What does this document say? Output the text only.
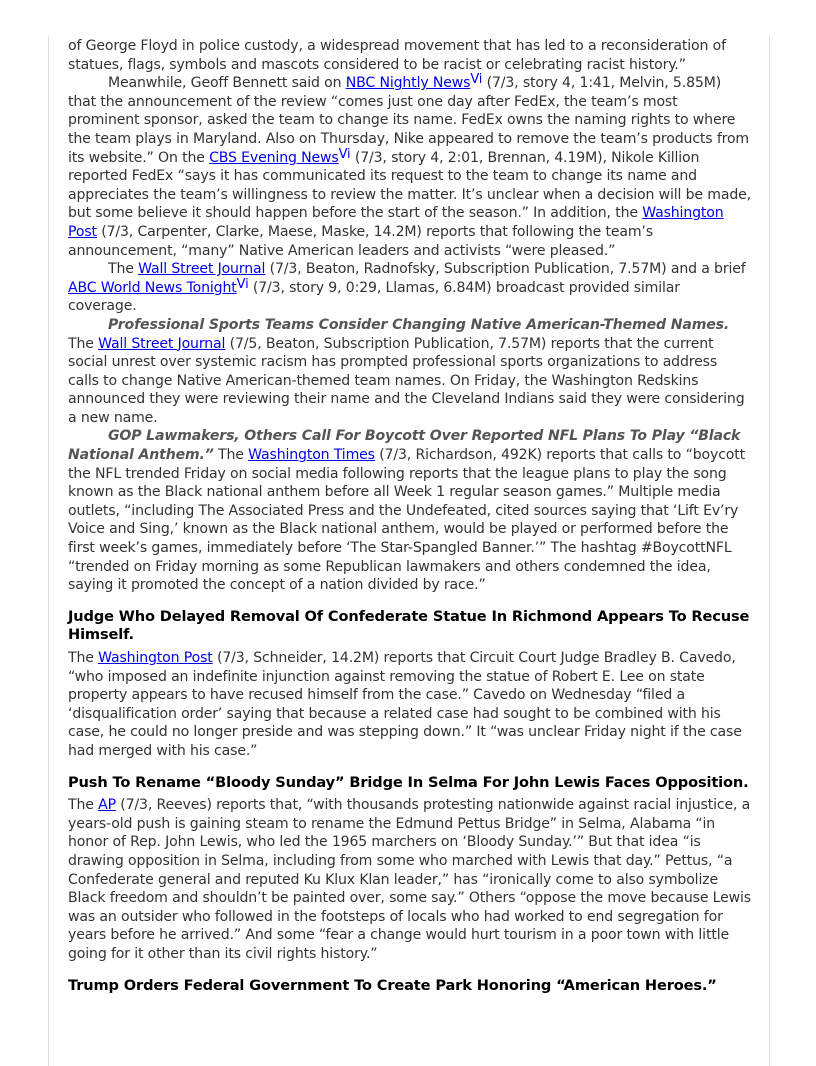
of George Floyd in police custody, a widespread movement that has led to a reconsideration of statues, flags, symbols and mascots considered to be racist or celebrating racist history.”

Meanwhile, Geoff Bennett said on NBC Nightly News$^{Vi}$ (7/3, story 4, 1:41, Melvin, 5.85M) that the announcement of the review “comes just one day after FedEx, the team’s most prominent sponsor, asked the team to change its name. FedEx owns the naming rights to where the team plays in Maryland. Also on Thursday, Nike appeared to remove the team’s products from its website.” On the CBS Evening News$^{Vi}$ (7/3, story 4, 2:01, Brennan, 4.19M), Nikole Killion reported FedEx “says it has communicated its request to the team to change its name and appreciates the team’s willingness to review the matter. It’s unclear when a decision will be made, but some believe it should happen before the start of the season.” In addition, the Washington Post (7/3, Carpenter, Clarke, Maese, Maske, 14.2M) reports that following the team’s announcement, “many” Native American leaders and activists “were pleased.”

The Wall Street Journal (7/3, Beaton, Radnofsky, Subscription Publication, 7.57M) and a brief ABC World News Tonight$^{Vi}$ (7/3, story 9, 0:29, Llamas, 6.84M) broadcast provided similar coverage.

Professional Sports Teams Consider Changing Native American-Themed Names. The Wall Street Journal (7/5, Beaton, Subscription Publication, 7.57M) reports that the current social unrest over systemic racism has prompted professional sports organizations to address calls to change Native American-themed team names. On Friday, the Washington Redskins announced they were reviewing their name and the Cleveland Indians said they were considering a new name.

GOP Lawmakers, Others Call For Boycott Over Reported NFL Plans To Play “Black National Anthem.” The Washington Times (7/3, Richardson, 492K) reports that calls to “boycott the NFL trended Friday on social media following reports that the league plans to play the song known as the Black national anthem before all Week 1 regular season games.” Multiple media outlets, “including The Associated Press and the Undefeated, cited sources saying that ‘Lift Ev’ry Voice and Sing,’ known as the Black national anthem, would be played or performed before the first week’s games, immediately before ‘The Star-Spangled Banner.’” The hashtag #BoycottNFL “trended on Friday morning as some Republican lawmakers and others condemned the idea, saying it promoted the concept of a nation divided by race.”

Judge Who Delayed Removal Of Confederate Statue In Richmond Appears To Recuse Himself.

The Washington Post (7/3, Schneider, 14.2M) reports that Circuit Court Judge Bradley B. Cavedo, “who imposed an indefinite injunction against removing the statue of Robert E. Lee on state property appears to have recused himself from the case.” Cavedo on Wednesday “filed a ‘disqualification order’ saying that because a related case had sought to be combined with his case, he could no longer preside and was stepping down.” It “was unclear Friday night if the case had merged with his case.”

Push To Rename “Bloody Sunday” Bridge In Selma For John Lewis Faces Opposition.

The AP (7/3, Reeves) reports that, “with thousands protesting nationwide against racial injustice, a years-old push is gaining steam to rename the Edmund Pettus Bridge” in Selma, Alabama “in honor of Rep. John Lewis, who led the 1965 marchers on ‘Bloody Sunday.’” But that idea “is drawing opposition in Selma, including from some who marched with Lewis that day.” Pettus, “a Confederate general and reputed Ku Klux Klan leader,” has “ironically come to also symbolize Black freedom and shouldn’t be painted over, some say.” Others “oppose the move because Lewis was an outsider who followed in the footsteps of locals who had worked to end segregation for years before he arrived.” And some “fear a change would hurt tourism in a poor town with little going for it other than its civil rights history.”

Trump Orders Federal Government To Create Park Honoring “American Heroes.”
